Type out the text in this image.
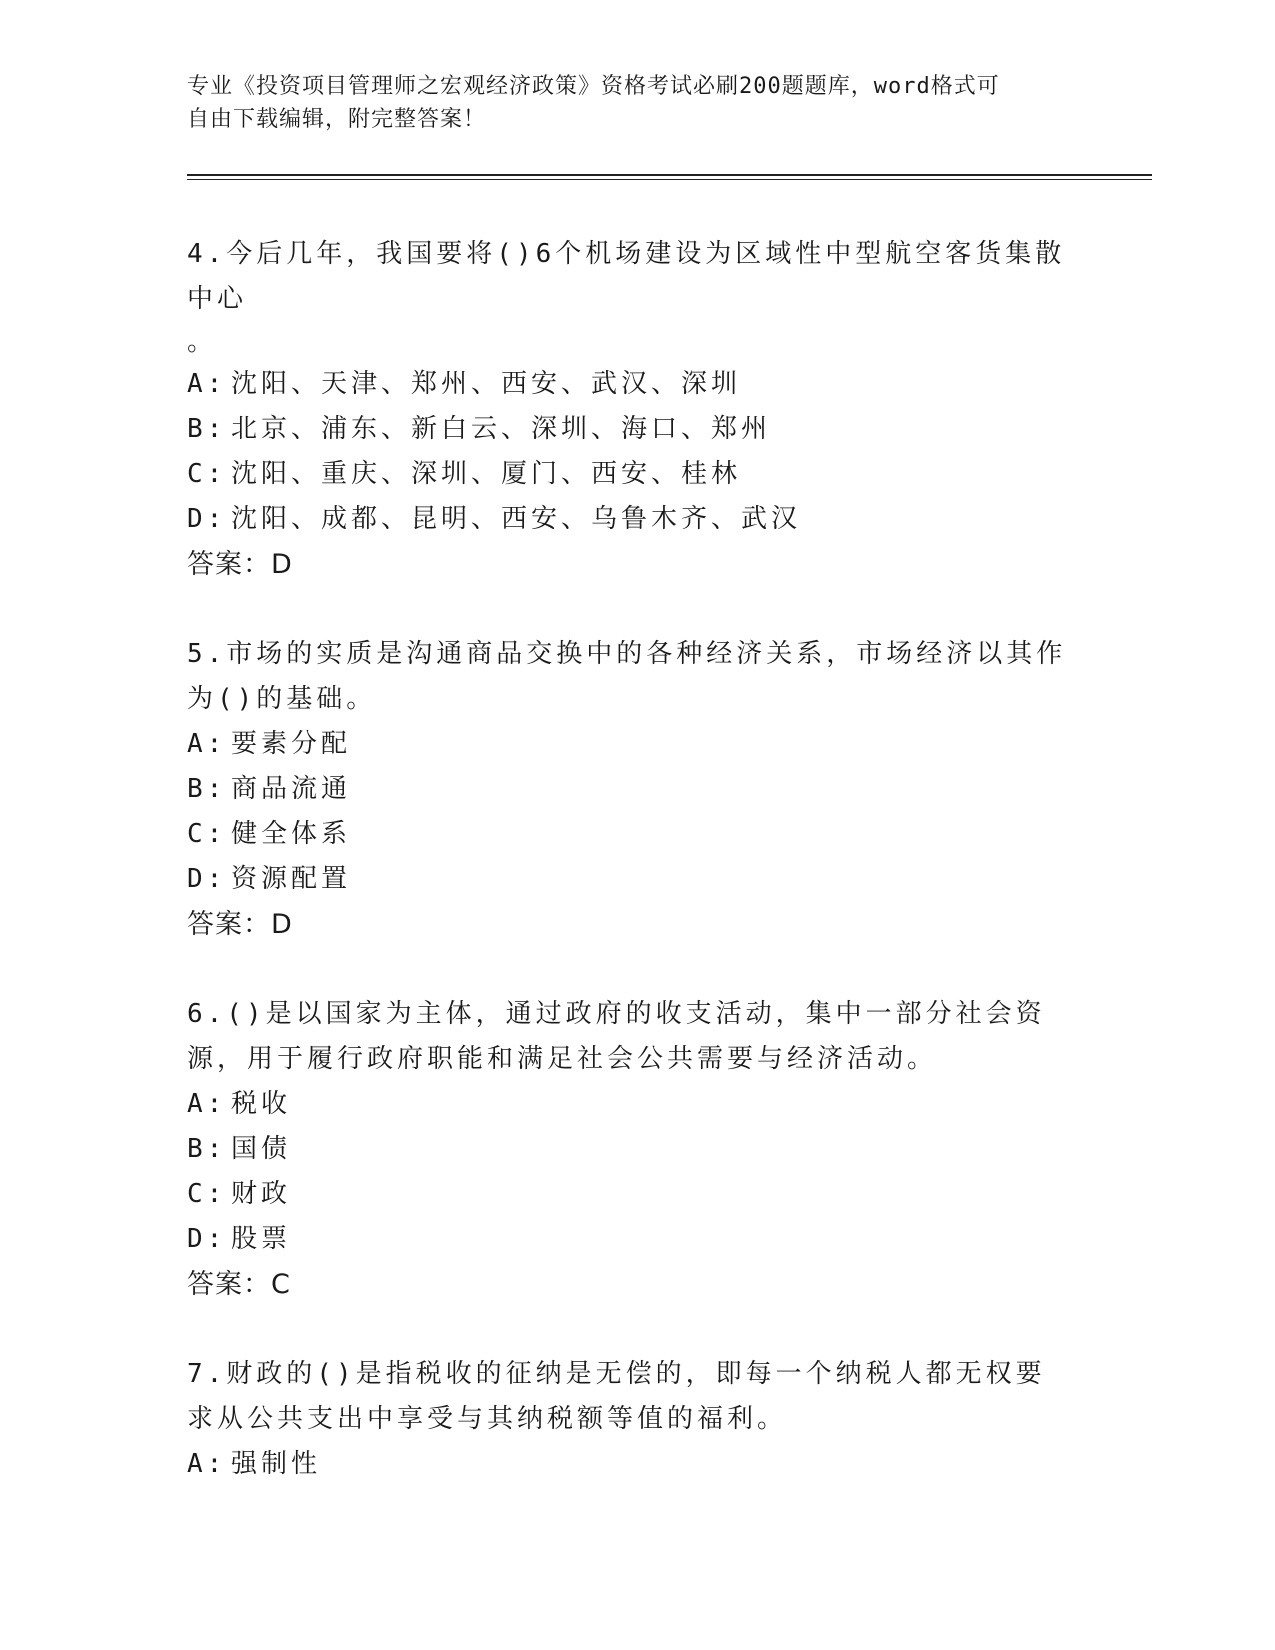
专业《投资项目管理师之宏观经济政策》资格考试必刷200题题库，word格式可

自由下载编辑，附完整答案！

4.今后几年，我国要将()6个机场建设为区域性中型航空客货集散中心

。

A: 沈阳、天津、郑州、西安、武汉、深圳
B: 北京、浦东、新白云、深圳、海口、郑州
C: 沈阳、重庆、深圳、厦门、西安、桂林
D: 沈阳、成都、昆明、西安、乌鲁木齐、武汉

答案：D

5.市场的实质是沟通商品交换中的各种经济关系，市场经济以其作为()的基础。

A: 要素分配
B: 商品流通
C: 健全体系
D: 资源配置

答案：D

6.()是以国家为主体，通过政府的收支活动，集中一部分社会资源，用于履行政府职能和满足社会公共需要与经济活动。

A: 税收
B: 国债
C: 财政
D: 股票

答案：C

7.财政的()是指税收的征纳是无偿的，即每一个纳税人都无权要求从公共支出中享受与其纳税额等值的福利。

A: 强制性
